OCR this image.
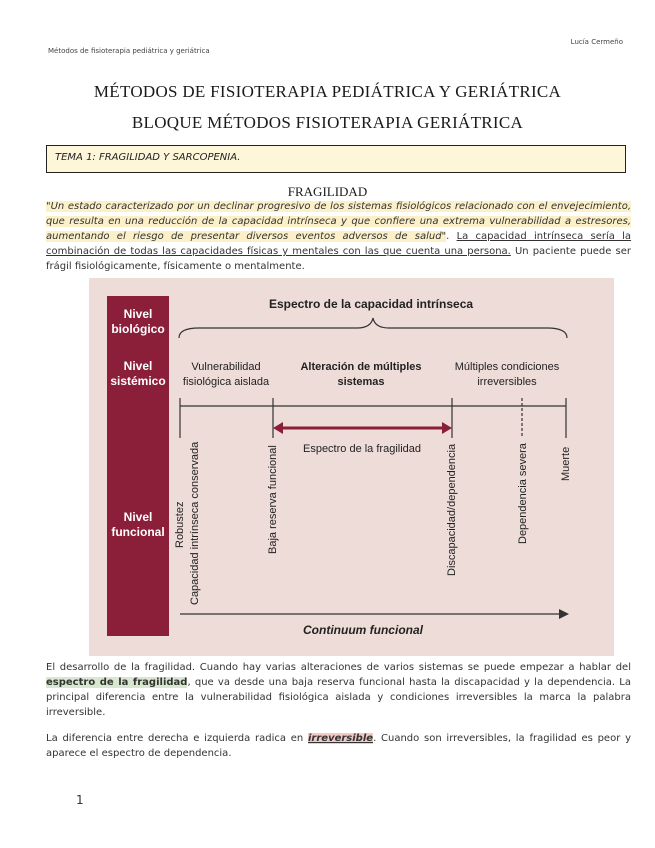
Métodos de fisioterapia pediátrica y geriátrica
Lucía Cermeño
MÉTODOS DE FISIOTERAPIA PEDIÁTRICA Y GERIÁTRICA
BLOQUE MÉTODOS FISIOTERAPIA GERIÁTRICA
TEMA 1: FRAGILIDAD Y SARCOPENIA.
FRAGILIDAD
"Un estado caracterizado por un declinar progresivo de los sistemas fisiológicos relacionado con el envejecimiento, que resulta en una reducción de la capacidad intrínseca y que confiere una extrema vulnerabilidad a estresores, aumentando el riesgo de presentar diversos eventos adversos de salud". La capacidad intrínseca sería la combinación de todas las capacidades físicas y mentales con las que cuenta una persona. Un paciente puede ser frágil fisiológicamente, físicamente o mentalmente.
Nivel
biológico
Nivel
sistémico
Nivel
funcional
Espectro de la capacidad intrínseca
Vulnerabilidad
fisiológica aislada
Alteración de múltiples
sistemas
Múltiples condiciones
irreversibles
Espectro de la fragilidad
Robustez Capacidad intrínseca conservada	Baja reserva funcional	Discapacidad/dependencia	Dependencia severa	Muerte
Continuum funcional
El desarrollo de la fragilidad. Cuando hay varias alteraciones de varios sistemas se puede empezar a hablar del espectro de la fragilidad, que va desde una baja reserva funcional hasta la discapacidad y la dependencia. La principal diferencia entre la vulnerabilidad fisiológica aislada y condiciones irreversibles la marca la palabra irreversible.
La diferencia entre derecha e izquierda radica en irreversible. Cuando son irreversibles, la fragilidad es peor y aparece el espectro de dependencia.
1
